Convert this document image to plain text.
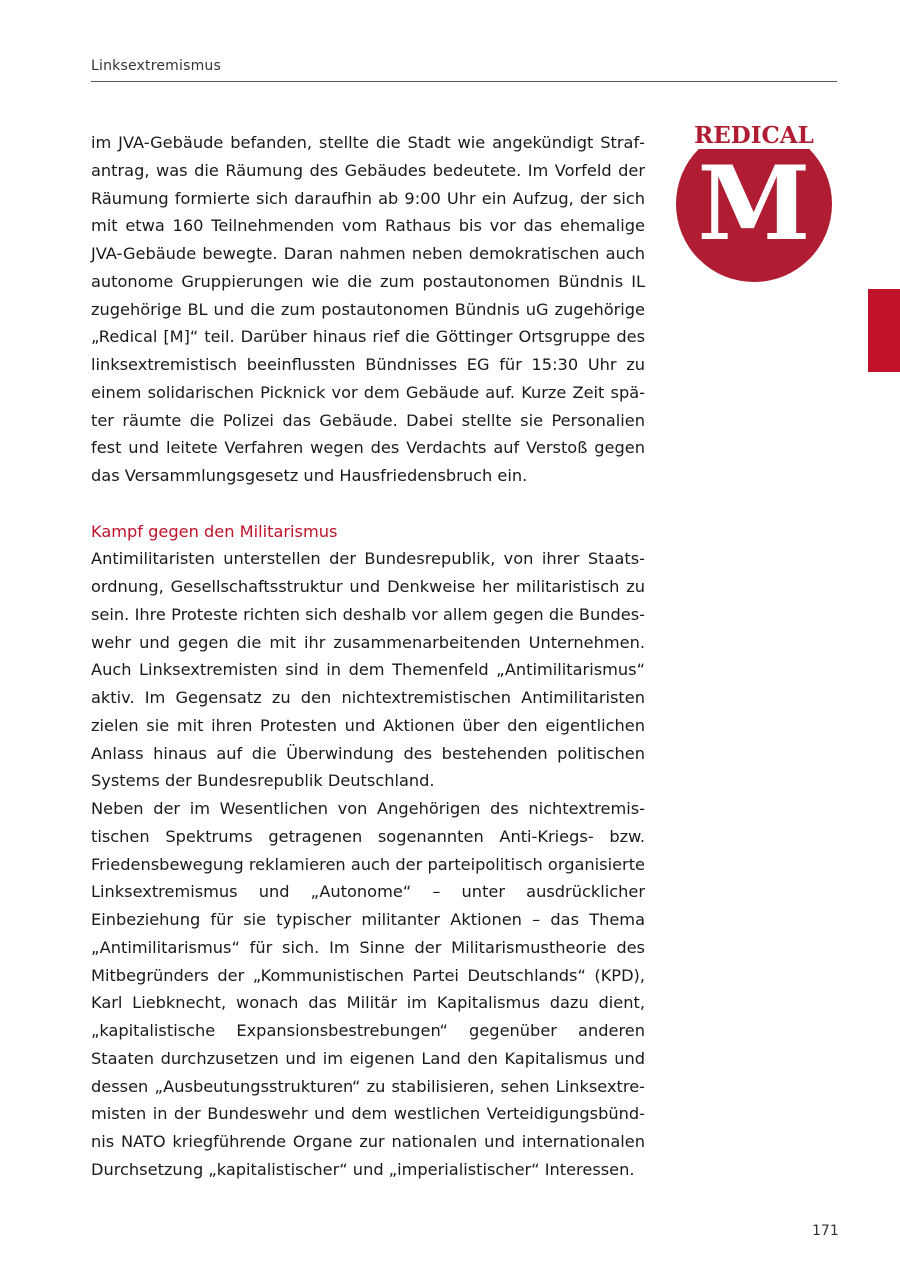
Linksextremismus
REDICAL
M

im JVA-Gebäude befanden, stellte die Stadt wie angekündigt Strafantrag, was die Räumung des Gebäudes bedeutete. Im Vorfeld der Räumung formierte sich daraufhin ab 9:00 Uhr ein Aufzug, der sich mit etwa 160 Teilnehmenden vom Rathaus bis vor das ehemalige JVA-Gebäude bewegte. Daran nahmen neben demokratischen auch autonome Gruppierungen wie die zum postautonomen Bündnis IL zugehörige BL und die zum postautonomen Bündnis uG zugehörige „Redical [M]“ teil. Darüber hinaus rief die Göttinger Ortsgruppe des linksextremistisch beeinflussten Bündnisses EG für 15:30 Uhr zu einem solidarischen Picknick vor dem Gebäude auf. Kurze Zeit später räumte die Polizei das Gebäude. Dabei stellte sie Personalien fest und leitete Verfahren wegen des Verdachts auf Verstoß gegen das Versammlungsgesetz und Hausfriedensbruch ein.

Kampf gegen den Militarismus

Antimilitaristen unterstellen der Bundesrepublik, von ihrer Staatsordnung, Gesellschaftsstruktur und Denkweise her militaristisch zu sein. Ihre Proteste richten sich deshalb vor allem gegen die Bundeswehr und gegen die mit ihr zusammenarbeitenden Unternehmen. Auch Linksextremisten sind in dem Themenfeld „Antimilitarismus“ aktiv. Im Gegensatz zu den nichtextremistischen Antimilitaristen zielen sie mit ihren Protesten und Aktionen über den eigentlichen Anlass hinaus auf die Überwindung des bestehenden politischen Systems der Bundesrepublik Deutschland.

Neben der im Wesentlichen von Angehörigen des nichtextremistischen Spektrums getragenen sogenannten Anti-Kriegs- bzw. Friedensbewegung reklamieren auch der parteipolitisch organisierte Linksextremismus und „Autonome“ – unter ausdrücklicher Einbeziehung für sie typischer militanter Aktionen – das Thema „Antimilitarismus“ für sich. Im Sinne der Militarismustheorie des Mitbegründers der „Kommunistischen Partei Deutschlands“ (KPD), Karl Liebknecht, wonach das Militär im Kapitalismus dazu dient, „kapitalistische Expansionsbestrebungen“ gegenüber anderen Staaten durchzusetzen und im eigenen Land den Kapitalismus und dessen „Ausbeutungsstrukturen“ zu stabilisieren, sehen Linksextremisten in der Bundeswehr und dem westlichen Verteidigungsbündnis NATO kriegführende Organe zur nationalen und internationalen Durchsetzung „kapitalistischer“ und „imperialistischer“ Interessen.

171
